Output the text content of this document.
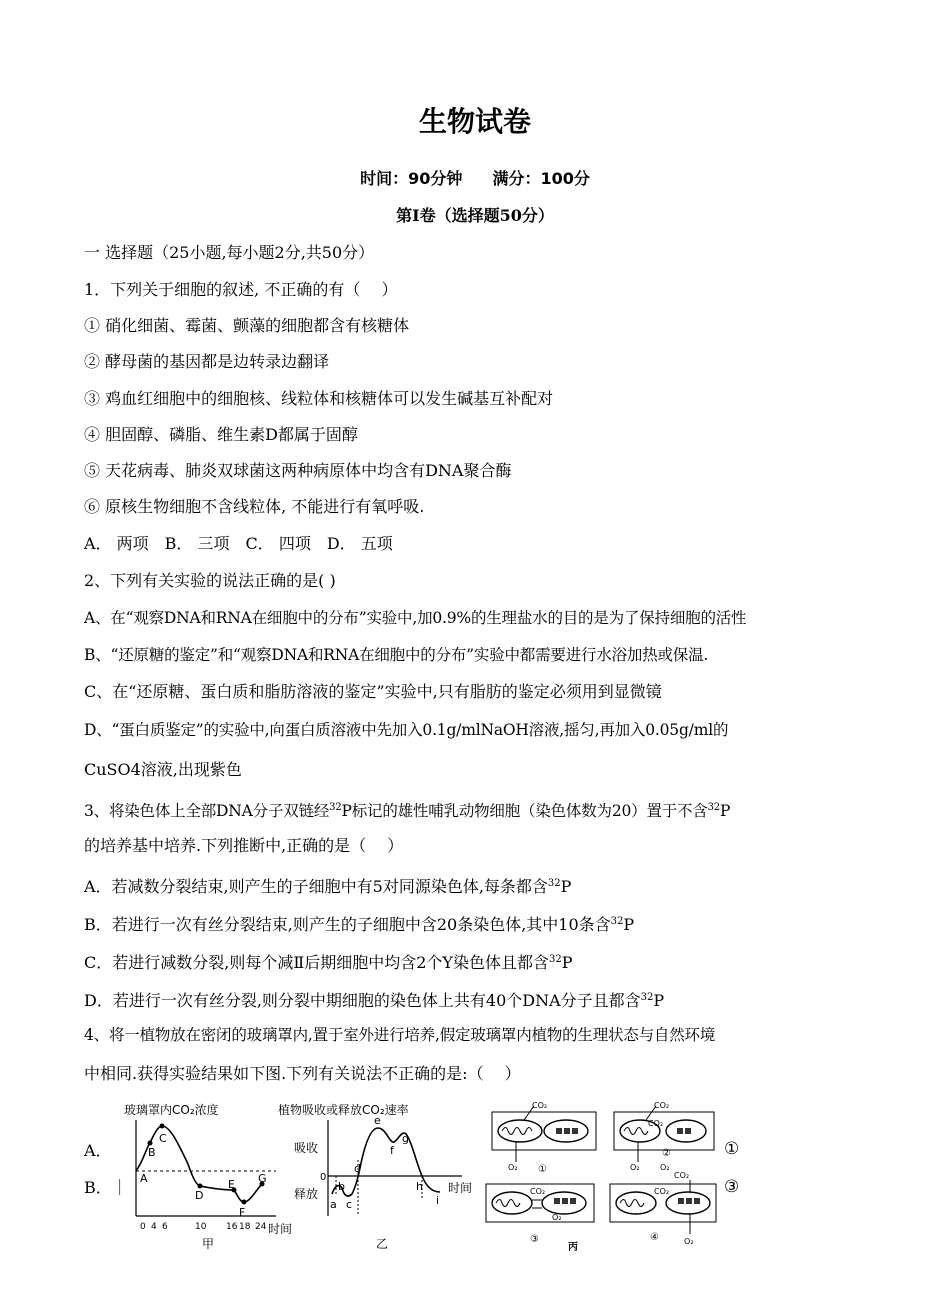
生物试卷
时间：90分钟 满分：100分
第Ⅰ卷（选择题50分）
一 选择题（25小题,每小题2分,共50分）
1．下列关于细胞的叙述, 不正确的有（　 ）
① 硝化细菌、霉菌、颤藻的细胞都含有核糖体
② 酵母菌的基因都是边转录边翻译
③ 鸡血红细胞中的细胞核、线粒体和核糖体可以发生碱基互补配对
④ 胆固醇、磷脂、维生素D都属于固醇
⑤ 天花病毒、肺炎双球菌这两种病原体中均含有DNA聚合酶
⑥ 原核生物细胞不含线粒体, 不能进行有氧呼吸.
A． 两项　B． 三项　C． 四项　D． 五项
2、下列有关实验的说法正确的是( )
A、在“观察DNA和RNA在细胞中的分布”实验中,加0.9%的生理盐水的目的是为了保持细胞的活性
B、“还原糖的鉴定”和“观察DNA和RNA在细胞中的分布”实验中都需要进行水浴加热或保温.
C、在“还原糖、蛋白质和脂肪溶液的鉴定”实验中,只有脂肪的鉴定必须用到显微镜
D、“蛋白质鉴定”的实验中,向蛋白质溶液中先加入0.1g/mlNaOH溶液,摇匀,再加入0.05g/ml的
CuSO4溶液,出现紫色
3、将染色体上全部DNA分子双链经$^{32}$P标记的雄性哺乳动物细胞（染色体数为20）置于不含$^{32}$P
的培养基中培养.下列推断中,正确的是（　 ）
A．若减数分裂结束,则产生的子细胞中有5对同源染色体,每条都含$^{32}$P
B．若进行一次有丝分裂结束,则产生的子细胞中含20条染色体,其中10条含$^{32}$P
C．若进行减数分裂,则每个减Ⅱ后期细胞中均含2个Y染色体且都含$^{32}$P
D．若进行一次有丝分裂,则分裂中期细胞的染色体上共有40个DNA分子且都含$^{32}$P
4、将一植物放在密闭的玻璃罩内,置于室外进行培养,假定玻璃罩内植物的生理状态与自然环境
中相同.获得实验结果如下图.下列有关说法不正确的是:（　 ）
A．
B．｜
①
③
玻璃罩内CO₂浓度
A
B
C
D
E
F
G
0 4 6	10 16 18 24 时间
甲
植物吸收或释放CO₂速率
吸收
释放
0
时间
a
b
c
d
e
f
g
h
i
乙
CO₂
O₂ ①
CO₂
CO₂
O₂	O₂
②
CO₂
O₂
③
CO₂
CO₂
O₂
④
丙
